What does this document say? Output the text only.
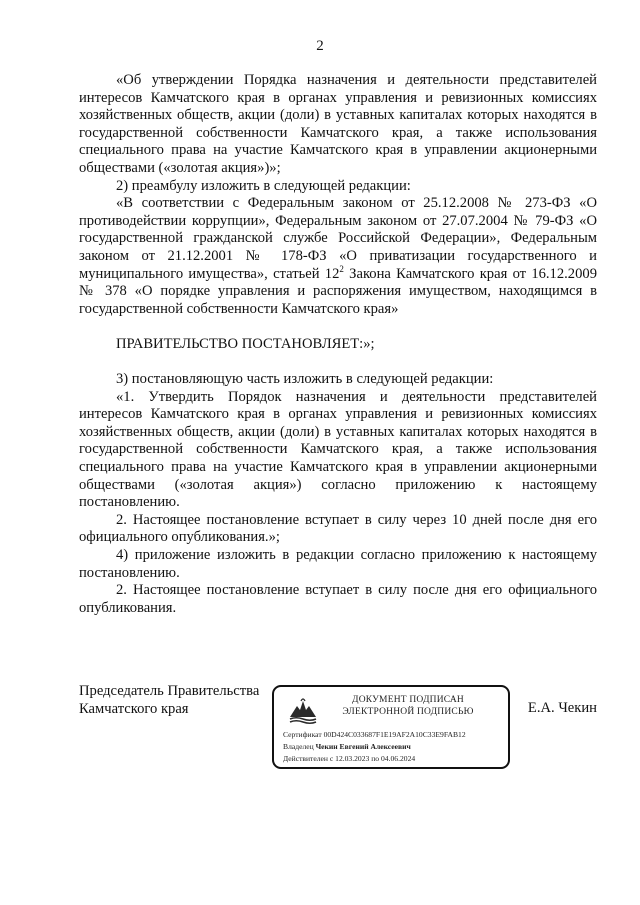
2

«Об утверждении Порядка назначения и деятельности представителей интересов Камчатского края в органах управления и ревизионных комиссиях хозяйственных обществ, акции (доли) в уставных капиталах которых находятся в государственной собственности Камчатского края, а также использования специального права на участие Камчатского края в управлении акционерными обществами («золотая акция»)»;

2) преамбулу изложить в следующей редакции:

«В соответствии с Федеральным законом от 25.12.2008 № 273-ФЗ «О противодействии коррупции», Федеральным законом от 27.07.2004 № 79-ФЗ «О государственной гражданской службе Российской Федерации», Федеральным законом от 21.12.2001 № 178-ФЗ «О приватизации государственного и муниципального имущества», статьей $12^2$ Закона Камчатского края от 16.12.2009 № 378 «О порядке управления и распоряжения имуществом, находящимся в государственной собственности Камчатского края»

ПРАВИТЕЛЬСТВО ПОСТАНОВЛЯЕТ:»;

3) постановляющую часть изложить в следующей редакции:

«1. Утвердить Порядок назначения и деятельности представителей интересов Камчатского края в органах управления и ревизионных комиссиях хозяйственных обществ, акции (доли) в уставных капиталах которых находятся в государственной собственности Камчатского края, а также использования специального права на участие Камчатского края в управлении акционерными обществами («золотая акция») согласно приложению к настоящему постановлению.

2. Настоящее постановление вступает в силу через 10 дней после дня его официального опубликования.»;

4) приложение изложить в редакции согласно приложению к настоящему постановлению.

2. Настоящее постановление вступает в силу после дня его официального опубликования.

Председатель Правительства
Камчатского края
ДОКУМЕНТ ПОДПИСАН
ЭЛЕКТРОННОЙ ПОДПИСЬЮ
Сертификат 00D424C033687F1E19AF2A10C33E9FAB12
Владелец Чекин Евгений Алексеевич
Действителен с 12.03.2023 по 04.06.2024
Е.А. Чекин
